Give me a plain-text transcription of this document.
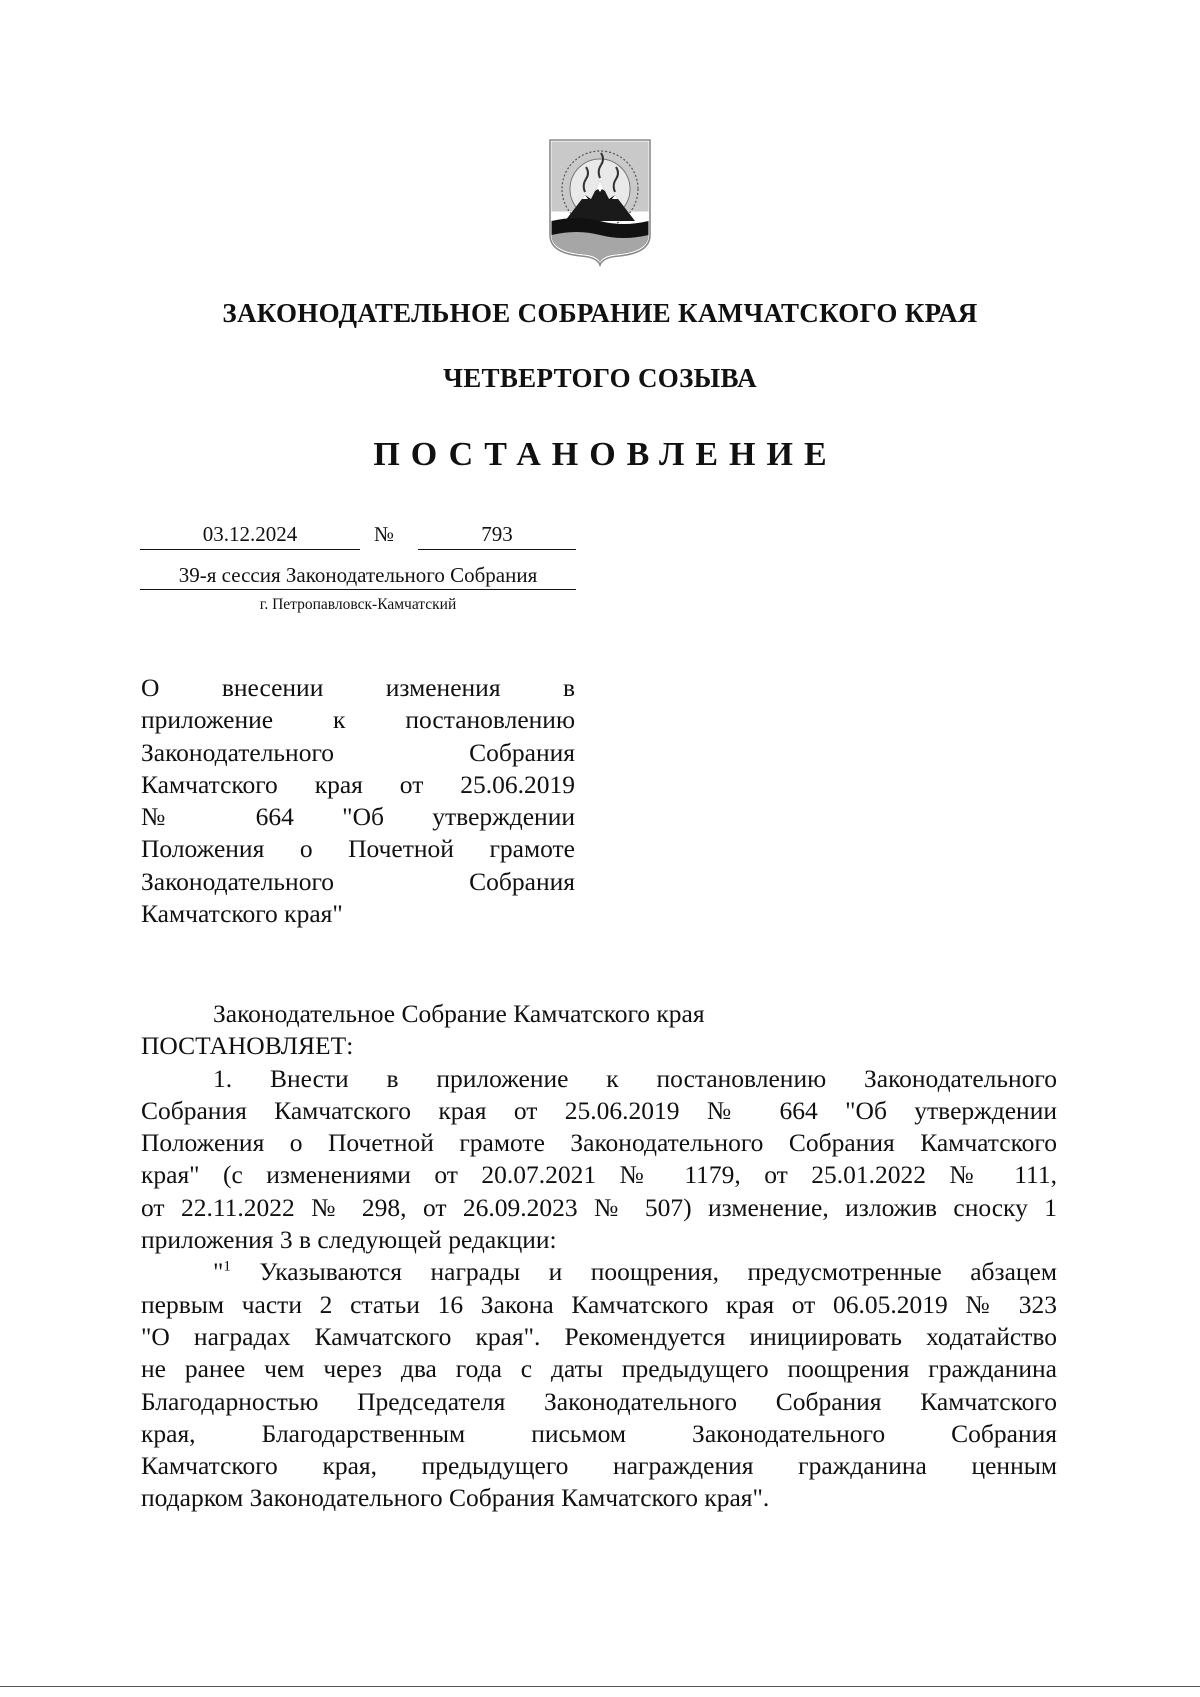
ЗАКОНОДАТЕЛЬНОЕ СОБРАНИЕ КАМЧАТСКОГО КРАЯ
ЧЕТВЕРТОГО СОЗЫВА
ПОСТАНОВЛЕНИЕ
03.12.2024	№	793
39-я сессия Законодательного Собрания
г. Петропавловск-Камчатский
О внесении изменения в
приложение к постановлению
Законодательного Собрания
Камчатского края от 25.06.2019
№ 664 "Об утверждении
Положения о Почетной грамоте
Законодательного Собрания
Камчатского края"
Законодательное Собрание Камчатского края
ПОСТАНОВЛЯЕТ:
1. Внести в приложение к постановлению Законодательного
Собрания Камчатского края от 25.06.2019 № 664 "Об утверждении
Положения о Почетной грамоте Законодательного Собрания Камчатского
края" (с изменениями от 20.07.2021 № 1179, от 25.01.2022 № 111,
от 22.11.2022 № 298, от 26.09.2023 № 507) изменение, изложив сноску 1
приложения 3 в следующей редакции:
"$^1$ Указываются награды и поощрения, предусмотренные абзацем
первым части 2 статьи 16 Закона Камчатского края от 06.05.2019 № 323
"О наградах Камчатского края". Рекомендуется инициировать ходатайство
не ранее чем через два года с даты предыдущего поощрения гражданина
Благодарностью Председателя Законодательного Собрания Камчатского
края, Благодарственным письмом Законодательного Собрания
Камчатского края, предыдущего награждения гражданина ценным
подарком Законодательного Собрания Камчатского края".
